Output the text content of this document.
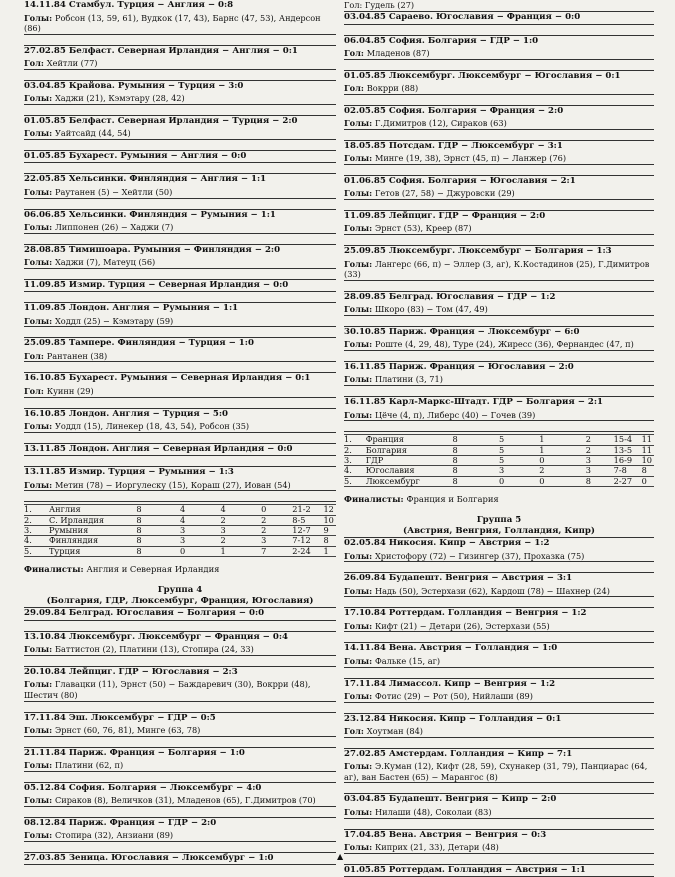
14.11.84 Стамбул. Турция − Англия − 0:8
Голы: Робсон (13, 59, 61), Вудкок (17, 43), Барнс (47, 53), Андерсон (86)
27.02.85 Белфаст. Северная Ирландия − Англия − 0:1
Гол: Хейтли (77)
03.04.85 Крайова. Румыния − Турция − 3:0
Голы: Хаджи (21), Кэмэтару (28, 42)
01.05.85 Белфаст. Северная Ирландия − Турция − 2:0
Голы: Уайтсайд (44, 54)
01.05.85 Бухарест. Румыния − Англия − 0:0
22.05.85 Хельсинки. Финляндия − Англия − 1:1
Голы: Раутанен (5) − Хейтли (50)
06.06.85 Хельсинки. Финляндия − Румыния − 1:1
Голы: Липпонен (26) − Хаджи (7)
28.08.85 Тимишоара. Румыния − Финляндия − 2:0
Голы: Хаджи (7), Матеуц (56)
11.09.85 Измир. Турция − Северная Ирландия − 0:0
11.09.85 Лондон. Англия − Румыния − 1:1
Голы: Ходдл (25) − Кэмэтару (59)
25.09.85 Тампере. Финляндия − Турция − 1:0
Гол: Рантанен (38)
16.10.85 Бухарест. Румыния − Северная Ирландия − 0:1
Гол: Куинн (29)
16.10.85 Лондон. Англия − Турция − 5:0
Голы: Уоддл (15), Линекер (18, 43, 54), Робсон (35)
13.11.85 Лондон. Англия − Северная Ирландия − 0:0
13.11.85 Измир. Турция − Румыния − 1:3
Голы: Метин (78) − Иоргулеску (15), Кораш (27), Иован (54)
1.	Англия	8	4	4	0	21-2	12
2.	С. Ирландия	8	4	2	2	8-5	10
3.	Румыния	8	3	3	2	12-7	9
4.	Финляндия	8	3	2	3	7-12	8
5.	Турция	8	0	1	7	2-24	1
Финалисты: Англия и Северная Ирландия
Группа 4
(Болгария, ГДР, Люксембург, Франция, Югославия)
29.09.84 Белград. Югославия − Болгария − 0:0
13.10.84 Люксембург. Люксембург − Франция − 0:4
Голы: Баттистон (2), Платини (13), Стопира (24, 33)
20.10.84 Лейпциг. ГДР − Югославия − 2:3
Голы: Главацки (11), Эрнст (50) − Баждаревич (30), Вокрри (48), Шестич (80)
17.11.84 Эш. Люксембург − ГДР − 0:5
Голы: Эрнст (60, 76, 81), Минге (63, 78)
21.11.84 Париж. Франция − Болгария − 1:0
Голы: Платини (62, п)
05.12.84 София. Болгария − Люксембург − 4:0
Голы: Сираков (8), Величков (31), Младенов (65), Г.Димитров (70)
08.12.84 Париж. Франция − ГДР − 2:0
Голы: Стопира (32), Анзиани (89)
27.03.85 Зеница. Югославия − Люксембург − 1:0
Гол: Гудель (27)
03.04.85 Сараево. Югославия − Франция − 0:0
06.04.85 София. Болгария − ГДР − 1:0
Гол: Младенов (87)
01.05.85 Люксембург. Люксембург − Югославия − 0:1
Гол: Вокрри (88)
02.05.85 София. Болгария − Франция − 2:0
Голы: Г.Димитров (12), Сираков (63)
18.05.85 Потсдам. ГДР − Люксембург − 3:1
Голы: Минге (19, 38), Эрнст (45, п) − Ланжер (76)
01.06.85 София. Болгария − Югославия − 2:1
Голы: Гетов (27, 58) − Джуровски (29)
11.09.85 Лейпциг. ГДР − Франция − 2:0
Голы: Эрнст (53), Креер (87)
25.09.85 Люксембург. Люксембург − Болгария − 1:3
Голы: Лангерс (66, п) − Эллер (3, аг), К.Костадинов (25), Г.Димитров (33)
28.09.85 Белград. Югославия − ГДР − 1:2
Голы: Шкоро (83) − Том (47, 49)
30.10.85 Париж. Франция − Люксембург − 6:0
Голы: Роште (4, 29, 48), Туре (24), Жиресс (36), Фернандес (47, п)
16.11.85 Париж. Франция − Югославия − 2:0
Голы: Платини (3, 71)
16.11.85 Карл-Маркс-Штадт. ГДР − Болгария − 2:1
Голы: Цёче (4, п), Либерс (40) − Гочев (39)
1.	Франция	8	5	1	2	15-4	11
2.	Болгария	8	5	1	2	13-5	11
3.	ГДР	8	5	0	3	16-9	10
4.	Югославия	8	3	2	3	7-8	8
5.	Люксембург	8	0	0	8	2-27	0
Финалисты: Франция и Болгария
Группа 5
(Австрия, Венгрия, Голландия, Кипр)
02.05.84 Никосия. Кипр − Австрия − 1:2
Голы: Христофору (72) − Гизингер (37), Прохазка (75)
26.09.84 Будапешт. Венгрия − Австрия − 3:1
Голы: Надь (50), Эстерхази (62), Кардош (78) − Шахнер (24)
17.10.84 Роттердам. Голландия − Венгрия − 1:2
Голы: Кифт (21) − Детари (26), Эстерхази (55)
14.11.84 Вена. Австрия − Голландия − 1:0
Голы: Фальке (15, аг)
17.11.84 Лимассол. Кипр − Венгрия − 1:2
Голы: Фотис (29) − Рот (50), Нийлаши (89)
23.12.84 Никосия. Кипр − Голландия − 0:1
Гол: Хоутман (84)
27.02.85 Амстердам. Голландия − Кипр − 7:1
Голы: Э.Куман (12), Кифт (28, 59), Схунакер (31, 79), Панциарас (64, аг), ван Бастен (65) − Марангос (8)
03.04.85 Будапешт. Венгрия − Кипр − 2:0
Голы: Нилаши (48), Соколаи (83)
17.04.85 Вена. Австрия − Венгрия − 0:3
Голы: Киприх (21, 33), Детари (48)
01.05.85 Роттердам. Голландия − Австрия − 1:1
▲
